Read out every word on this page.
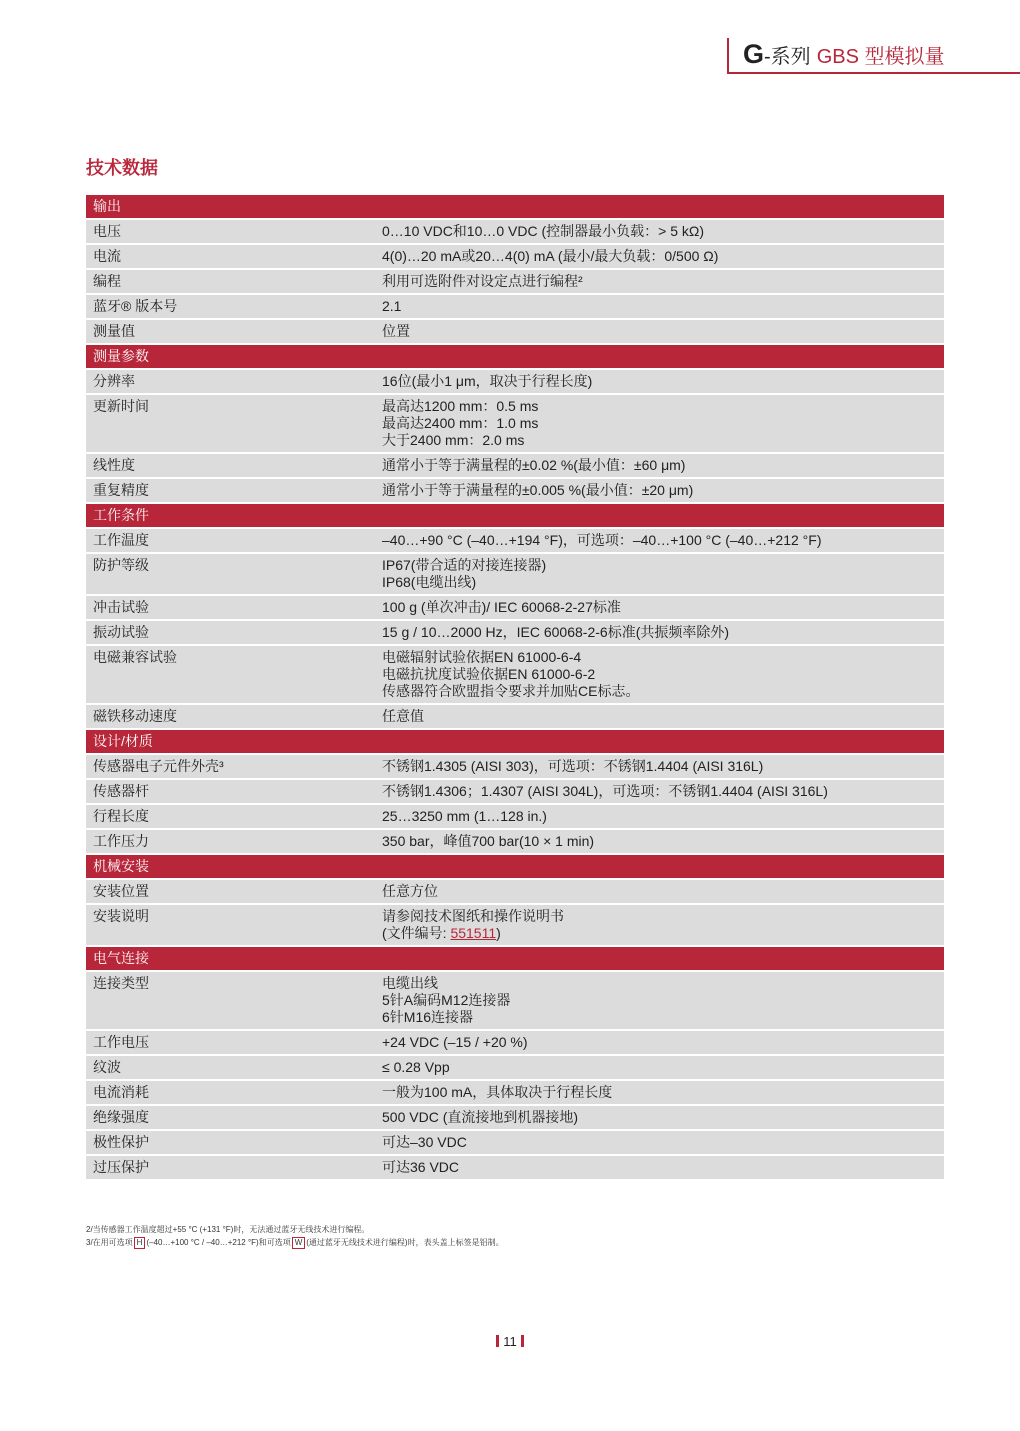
G-系列 GBS 型模拟量
技术数据
输出
电压	0…10 VDC和10…0 VDC (控制器最小负载：> 5 kΩ)
电流	4(0)…20 mA或20…4(0) mA (最小/最大负载：0/500 Ω)
编程	利用可选附件对设定点进行编程²
蓝牙® 版本号	2.1
测量值	位置
测量参数
分辨率	16位(最小1 μm，取决于行程长度)
更新时间	最高达1200 mm：0.5 ms
最高达2400 mm：1.0 ms
大于2400 mm：2.0 ms
线性度	通常小于等于满量程的±0.02 %(最小值：±60 μm)
重复精度	通常小于等于满量程的±0.005 %(最小值：±20 μm)
工作条件
工作温度	–40…+90 °C (–40…+194 °F)，可选项：–40…+100 °C (–40…+212 °F)
防护等级	IP67(带合适的对接连接器)
IP68(电缆出线)
冲击试验	100 g (单次冲击)/ IEC 60068-2-27标准
振动试验	15 g / 10…2000 Hz，IEC 60068-2-6标准(共振频率除外)
电磁兼容试验	电磁辐射试验依据EN 61000-6-4
电磁抗扰度试验依据EN 61000-6-2
传感器符合欧盟指令要求并加贴CE标志。
磁铁移动速度	任意值
设计/材质
传感器电子元件外壳³	不锈钢1.4305 (AISI 303)，可选项：不锈钢1.4404 (AISI 316L)
传感器杆	不锈钢1.4306；1.4307 (AISI 304L)，可选项：不锈钢1.4404 (AISI 316L)
行程长度	25…3250 mm (1…128 in.)
工作压力	350 bar，峰值700 bar(10 × 1 min)
机械安装
安装位置	任意方位
安装说明	请参阅技术图纸和操作说明书
(文件编号: 551511)
电气连接
连接类型	电缆出线
5针A编码M12连接器
6针M16连接器
工作电压	+24 VDC (–15 / +20 %)
纹波	≤ 0.28 Vpp
电流消耗	一般为100 mA，具体取决于行程长度
绝缘强度	500 VDC (直流接地到机器接地)
极性保护	可达–30 VDC
过压保护	可达36 VDC
2/当传感器工作温度超过+55 °C (+131 °F)时，无法通过蓝牙无线技术进行编程。
3/在用可选项 H (–40…+100 °C / –40…+212 °F)和可选项 W (通过蓝牙无线技术进行编程)时，表头盖上标签是铝制。
11
